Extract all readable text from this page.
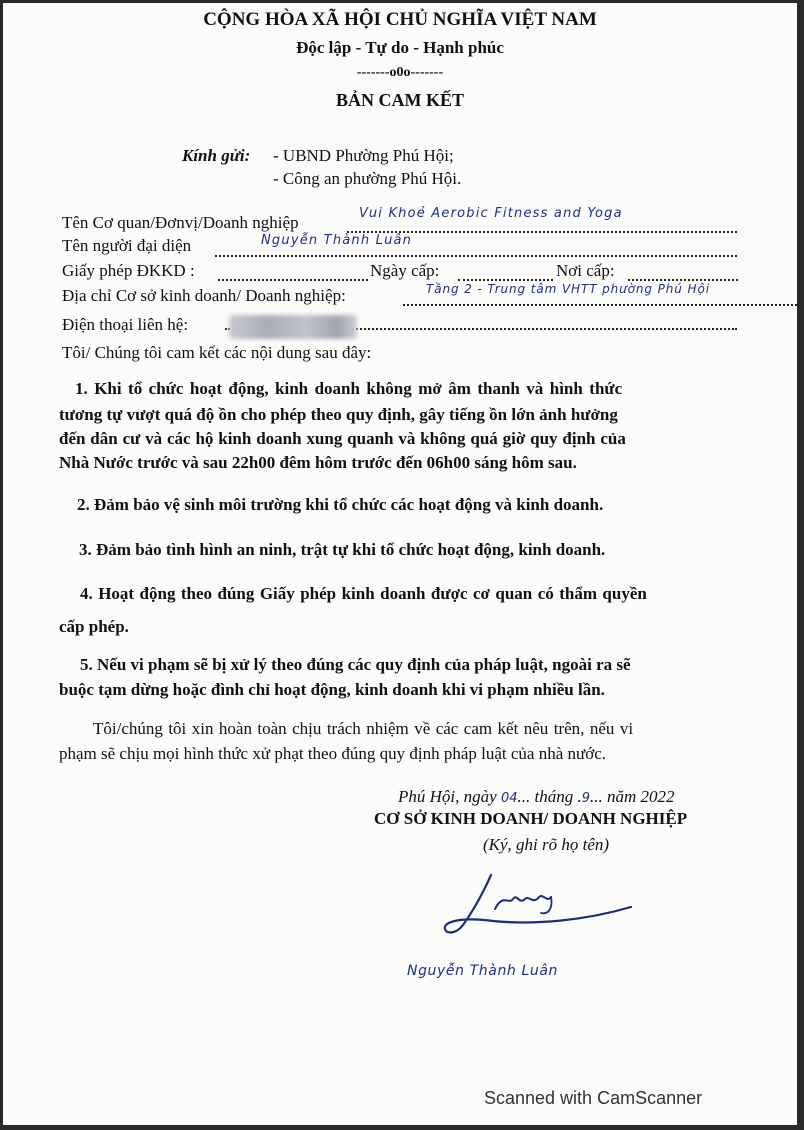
CỘNG HÒA XÃ HỘI CHỦ NGHĨA VIỆT NAM
Độc lập - Tự do - Hạnh phúc
-------o0o-------
BẢN CAM KẾT
Kính gửi: - UBND Phường Phú Hội;
- Công an phường Phú Hội.
Tên Cơ quan/Đơnvị/Doanh nghiệp	Vui Khoẻ Aerobic Fitness and Yoga
Tên người đại diện	Nguyễn Thành Luân
Giấy phép ĐKKD :	Ngày cấp:	Nơi cấp:
Địa chỉ Cơ sở kinh doanh/ Doanh nghiệp:	Tầng 2 - Trung tâm VHTT phường Phú Hội
Điện thoại liên hệ:
Tôi/ Chúng tôi cam kết các nội dung sau đây:
1. Khi tổ chức hoạt động, kinh doanh không mở âm thanh và hình thức
tương tự vượt quá độ ồn cho phép theo quy định, gây tiếng ồn lớn ảnh hưởng
đến dân cư và các hộ kinh doanh xung quanh và không quá giờ quy định của
Nhà Nước trước và sau 22h00 đêm hôm trước đến 06h00 sáng hôm sau.
2. Đảm bảo vệ sinh môi trường khi tổ chức các hoạt động và kinh doanh.
3. Đảm bảo tình hình an ninh, trật tự khi tổ chức hoạt động, kinh doanh.
4. Hoạt động theo đúng Giấy phép kinh doanh được cơ quan có thẩm quyền
cấp phép.
5. Nếu vi phạm sẽ bị xử lý theo đúng các quy định của pháp luật, ngoài ra sẽ
buộc tạm dừng hoặc đình chỉ hoạt động, kinh doanh khi vi phạm nhiều lần.
Tôi/chúng tôi xin hoàn toàn chịu trách nhiệm về các cam kết nêu trên, nếu vi
phạm sẽ chịu mọi hình thức xử phạt theo đúng quy định pháp luật của nhà nước.
Phú Hội, ngày 04... tháng .9... năm 2022
CƠ SỞ KINH DOANH/ DOANH NGHIỆP
(Ký, ghi rõ họ tên)
Nguyễn Thành Luân
Scanned with CamScanner
